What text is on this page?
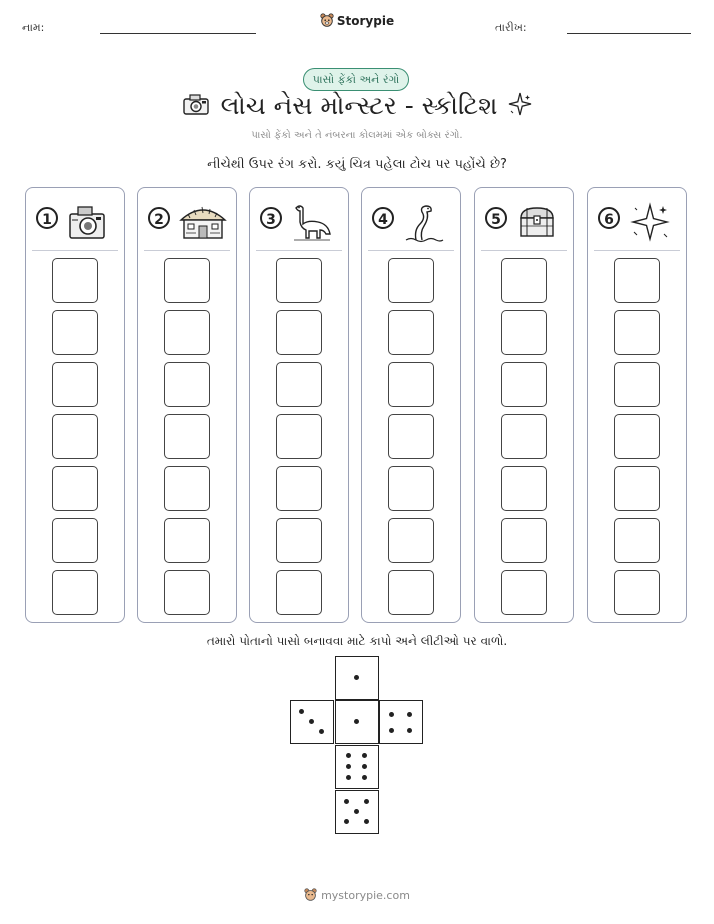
નામ:	તારીખ:
Storypie
પાસો ફેંકો અને રંગો
લોચ નેસ મોન્સ્ટર - સ્કોટિશ
પાસો ફેંકો અને તે નંબરના કોલમમાં એક બોક્સ રંગો.
નીચેથી ઉપર રંગ કરો. કયું ચિત્ર પહેલા ટોચ પર પહોંચે છે?
1	2	3	4	5	6
તમારો પોતાનો પાસો બનાવવા માટે કાપો અને લીટીઓ પર વાળો.
mystorypie.com
